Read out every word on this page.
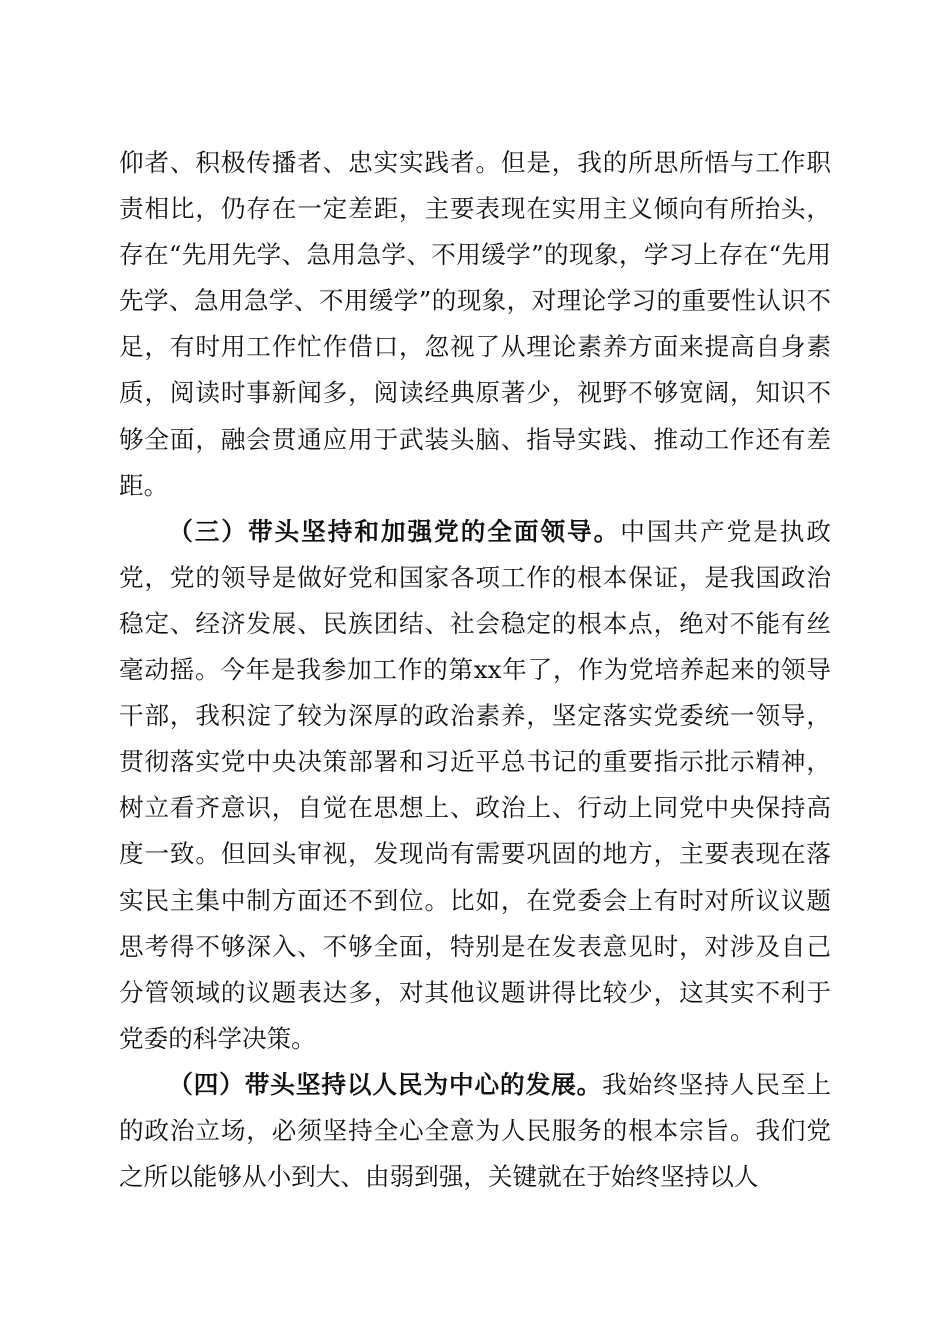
仰者、积极传播者、忠实实践者。但是，我的所思所悟与工作职责相比，仍存在一定差距，主要表现在实用主义倾向有所抬头，存在“先用先学、急用急学、不用缓学”的现象，学习上存在“先用先学、急用急学、不用缓学”的现象，对理论学习的重要性认识不足，有时用工作忙作借口，忽视了从理论素养方面来提高自身素质，阅读时事新闻多，阅读经典原著少，视野不够宽阔，知识不够全面，融会贯通应用于武装头脑、指导实践、推动工作还有差距。

（三）带头坚持和加强党的全面领导。中国共产党是执政党，党的领导是做好党和国家各项工作的根本保证，是我国政治稳定、经济发展、民族团结、社会稳定的根本点，绝对不能有丝毫动摇。今年是我参加工作的第xx年了，作为党培养起来的领导干部，我积淀了较为深厚的政治素养，坚定落实党委统一领导，贯彻落实党中央决策部署和习近平总书记的重要指示批示精神，树立看齐意识，自觉在思想上、政治上、行动上同党中央保持高度一致。但回头审视，发现尚有需要巩固的地方，主要表现在落实民主集中制方面还不到位。比如，在党委会上有时对所议议题思考得不够深入、不够全面，特别是在发表意见时，对涉及自己分管领域的议题表达多，对其他议题讲得比较少，这其实不利于党委的科学决策。

（四）带头坚持以人民为中心的发展。我始终坚持人民至上的政治立场，必须坚持全心全意为人民服务的根本宗旨。我们党之所以能够从小到大、由弱到强，关键就在于始终坚持以人
